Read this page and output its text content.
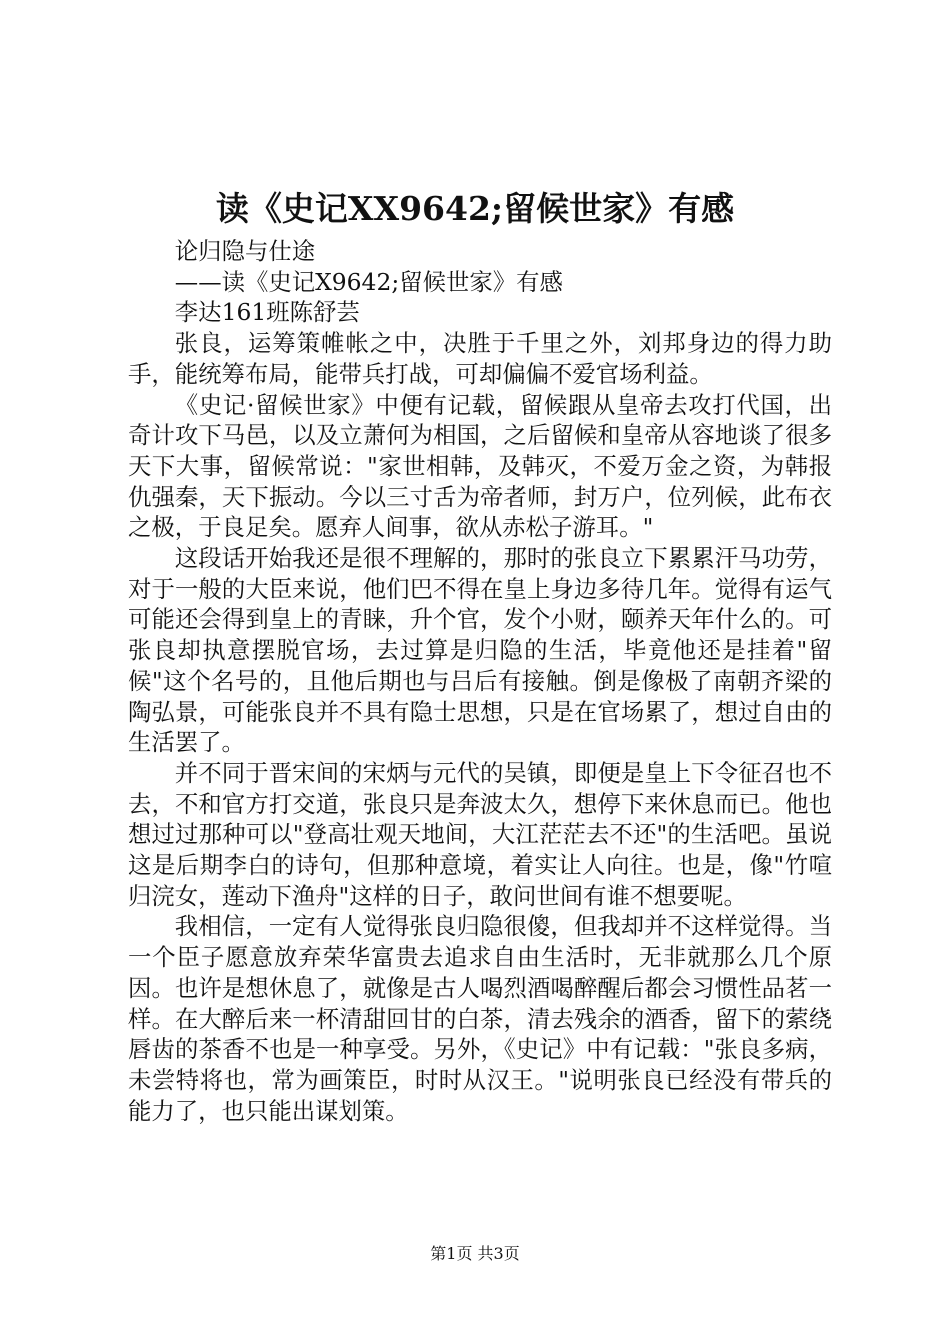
读《史记XX9642;留候世家》有感

论归隐与仕途

——读《史记X9642;留候世家》有感

李达161班陈舒芸

张良，运筹策帷帐之中，决胜于千里之外，刘邦身边的得力助手，能统筹布局，能带兵打战，可却偏偏不爱官场利益。

《史记·留候世家》中便有记载，留候跟从皇帝去攻打代国，出奇计攻下马邑，以及立萧何为相国，之后留候和皇帝从容地谈了很多天下大事，留候常说："家世相韩，及韩灭，不爱万金之资，为韩报仇强秦，天下振动。今以三寸舌为帝者师，封万户，位列候，此布衣之极，于良足矣。愿弃人间事，欲从赤松子游耳。"

这段话开始我还是很不理解的，那时的张良立下累累汗马功劳，对于一般的大臣来说，他们巴不得在皇上身边多待几年。觉得有运气可能还会得到皇上的青睐，升个官，发个小财，颐养天年什么的。可张良却执意摆脱官场，去过算是归隐的生活，毕竟他还是挂着"留候"这个名号的，且他后期也与吕后有接触。倒是像极了南朝齐梁的陶弘景，可能张良并不具有隐士思想，只是在官场累了，想过自由的生活罢了。

并不同于晋宋间的宋炳与元代的吴镇，即便是皇上下令征召也不去，不和官方打交道，张良只是奔波太久，想停下来休息而已。他也想过过那种可以"登高壮观天地间，大江茫茫去不还"的生活吧。虽说这是后期李白的诗句，但那种意境，着实让人向往。也是，像"竹喧归浣女，莲动下渔舟"这样的日子，敢问世间有谁不想要呢。

我相信，一定有人觉得张良归隐很傻，但我却并不这样觉得。当一个臣子愿意放弃荣华富贵去追求自由生活时，无非就那么几个原因。也许是想休息了，就像是古人喝烈酒喝醉醒后都会习惯性品茗一样。在大醉后来一杯清甜回甘的白茶，清去残余的酒香，留下的萦绕唇齿的茶香不也是一种享受。另外，《史记》中有记载："张良多病，未尝特将也，常为画策臣，时时从汉王。"说明张良已经没有带兵的能力了，也只能出谋划策。

第1页 共3页
